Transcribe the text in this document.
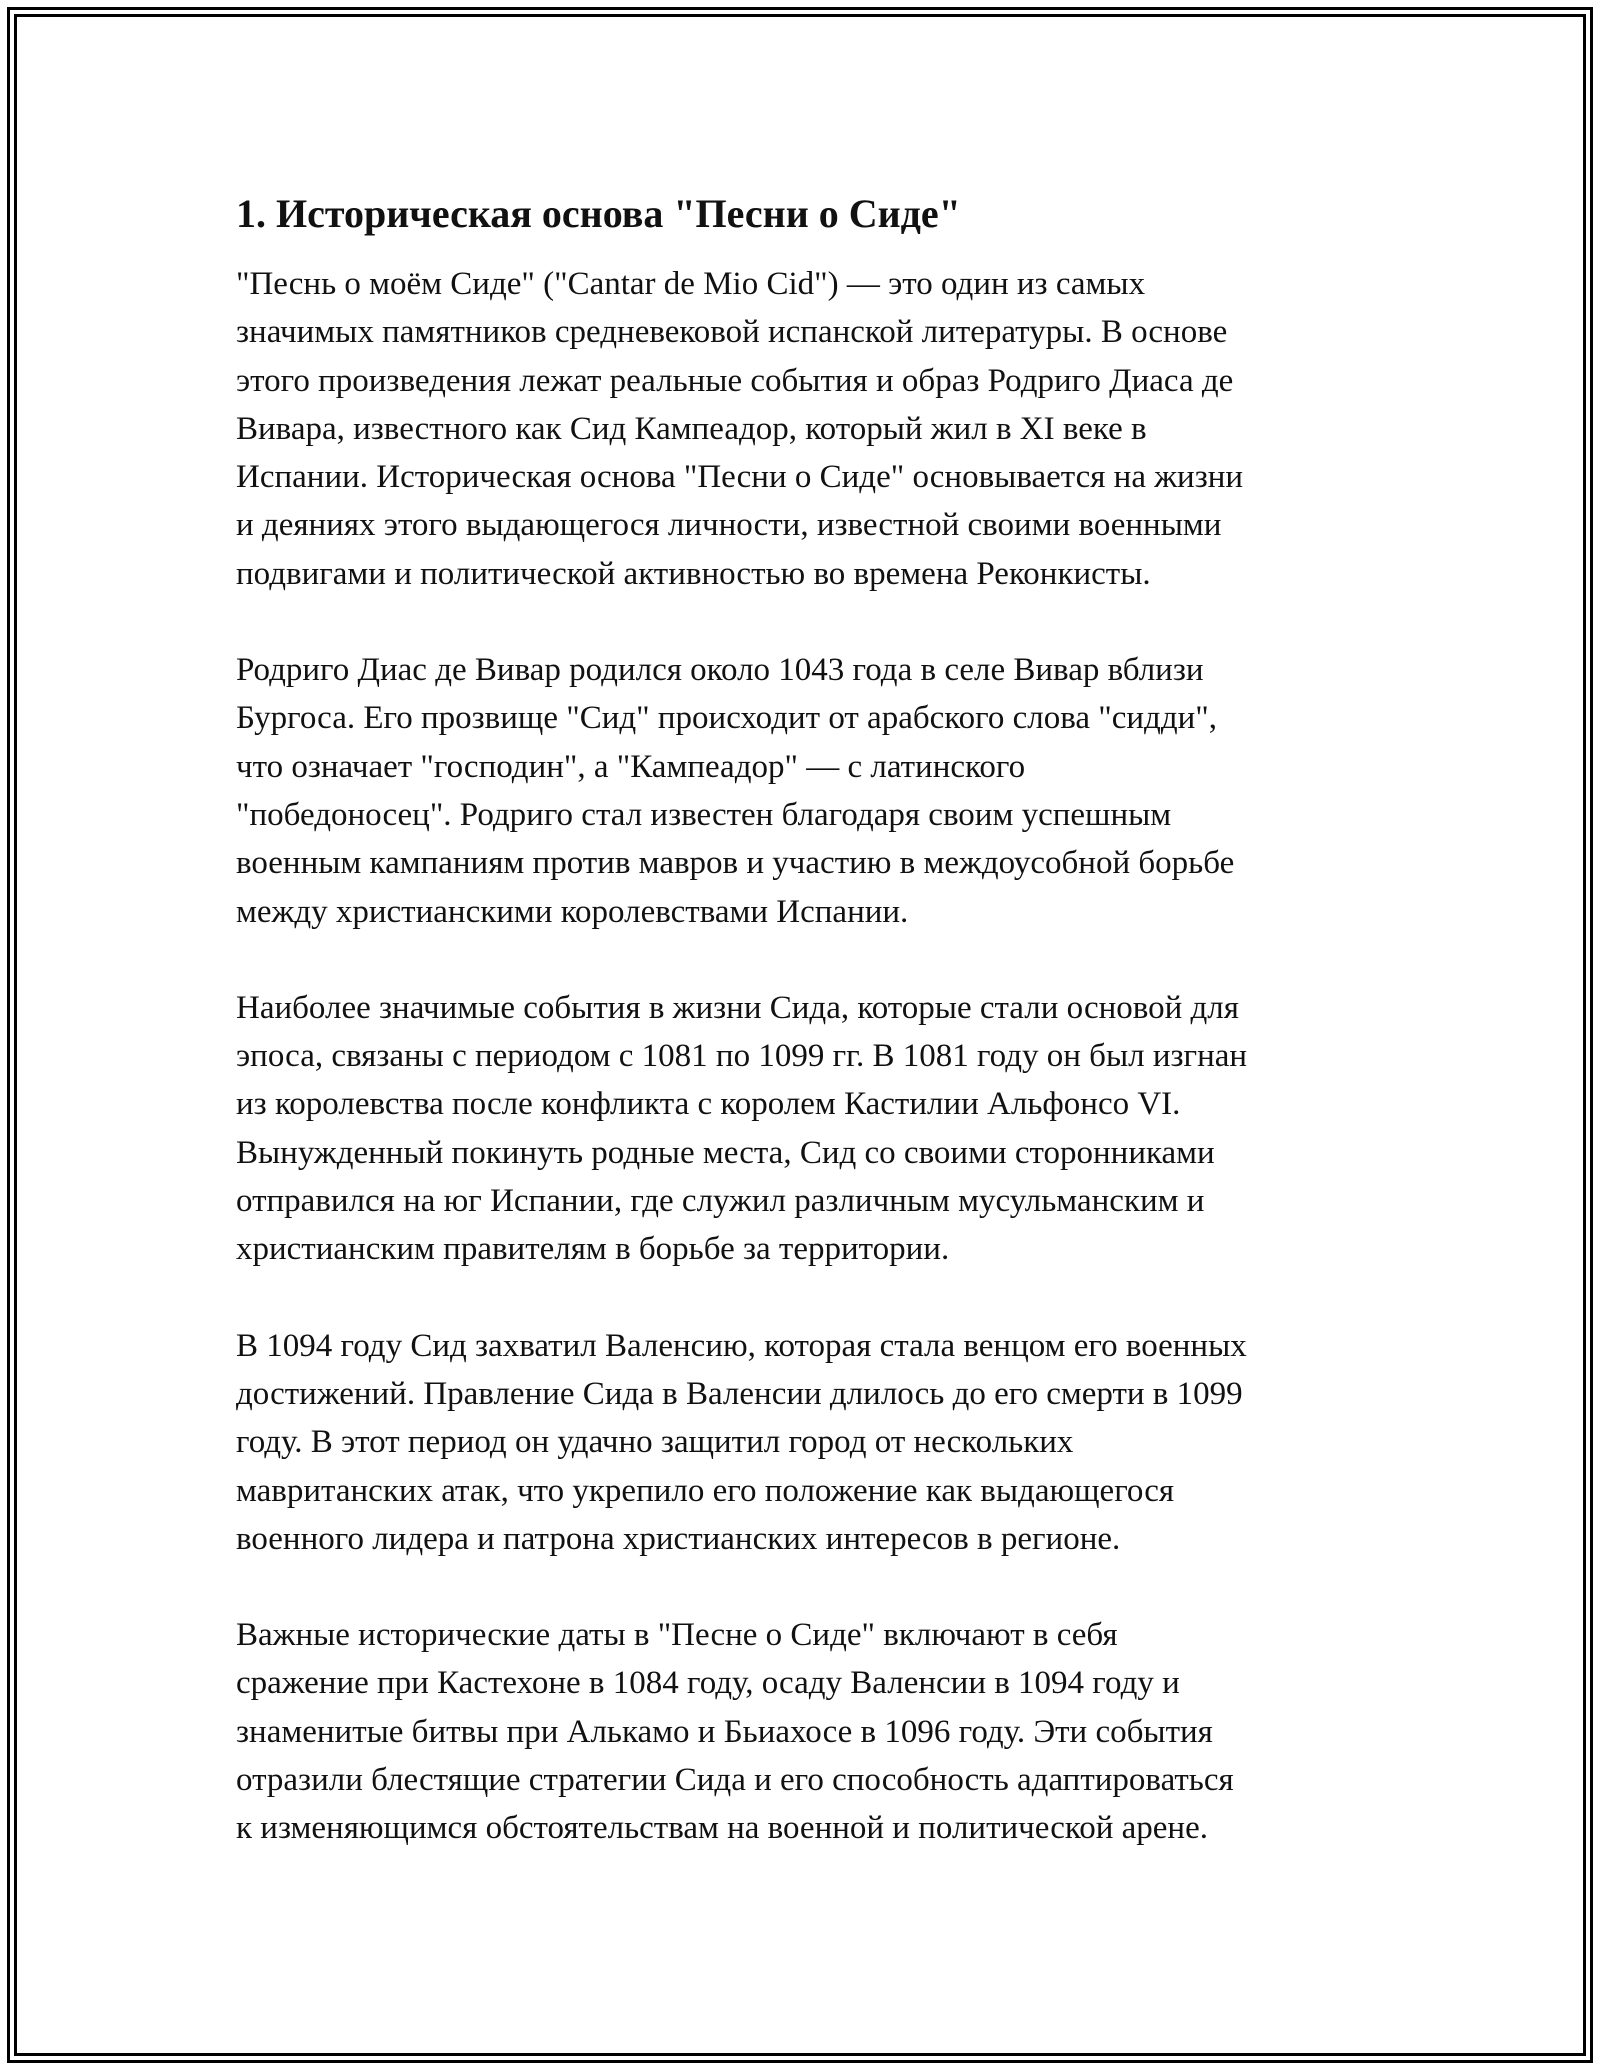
1. Историческая основа "Песни о Сиде"
"Песнь о моём Сиде" ("Cantar de Mio Cid") — это один из самых
значимых памятников средневековой испанской литературы. В основе
этого произведения лежат реальные события и образ Родриго Диаса де
Вивара, известного как Сид Кампеадор, который жил в XI веке в
Испании. Историческая основа "Песни о Сиде" основывается на жизни
и деяниях этого выдающегося личности, известной своими военными
подвигами и политической активностью во времена Реконкисты.
Родриго Диас де Вивар родился около 1043 года в селе Вивар вблизи
Бургоса. Его прозвище "Сид" происходит от арабского слова "сидди",
что означает "господин", а "Кампеадор" — с латинского
"победоносец". Родриго стал известен благодаря своим успешным
военным кампаниям против мавров и участию в междоусобной борьбе
между христианскими королевствами Испании.
Наиболее значимые события в жизни Сида, которые стали основой для
эпоса, связаны с периодом с 1081 по 1099 гг. В 1081 году он был изгнан
из королевства после конфликта с королем Кастилии Альфонсо VI.
Вынужденный покинуть родные места, Сид со своими сторонниками
отправился на юг Испании, где служил различным мусульманским и
христианским правителям в борьбе за территории.
В 1094 году Сид захватил Валенсию, которая стала венцом его военных
достижений. Правление Сида в Валенсии длилось до его смерти в 1099
году. В этот период он удачно защитил город от нескольких
мавританских атак, что укрепило его положение как выдающегося
военного лидера и патрона христианских интересов в регионе.
Важные исторические даты в "Песне о Сиде" включают в себя
сражение при Кастехоне в 1084 году, осаду Валенсии в 1094 году и
знаменитые битвы при Алькамо и Бьиахосе в 1096 году. Эти события
отразили блестящие стратегии Сида и его способность адаптироваться
к изменяющимся обстоятельствам на военной и политической арене.
